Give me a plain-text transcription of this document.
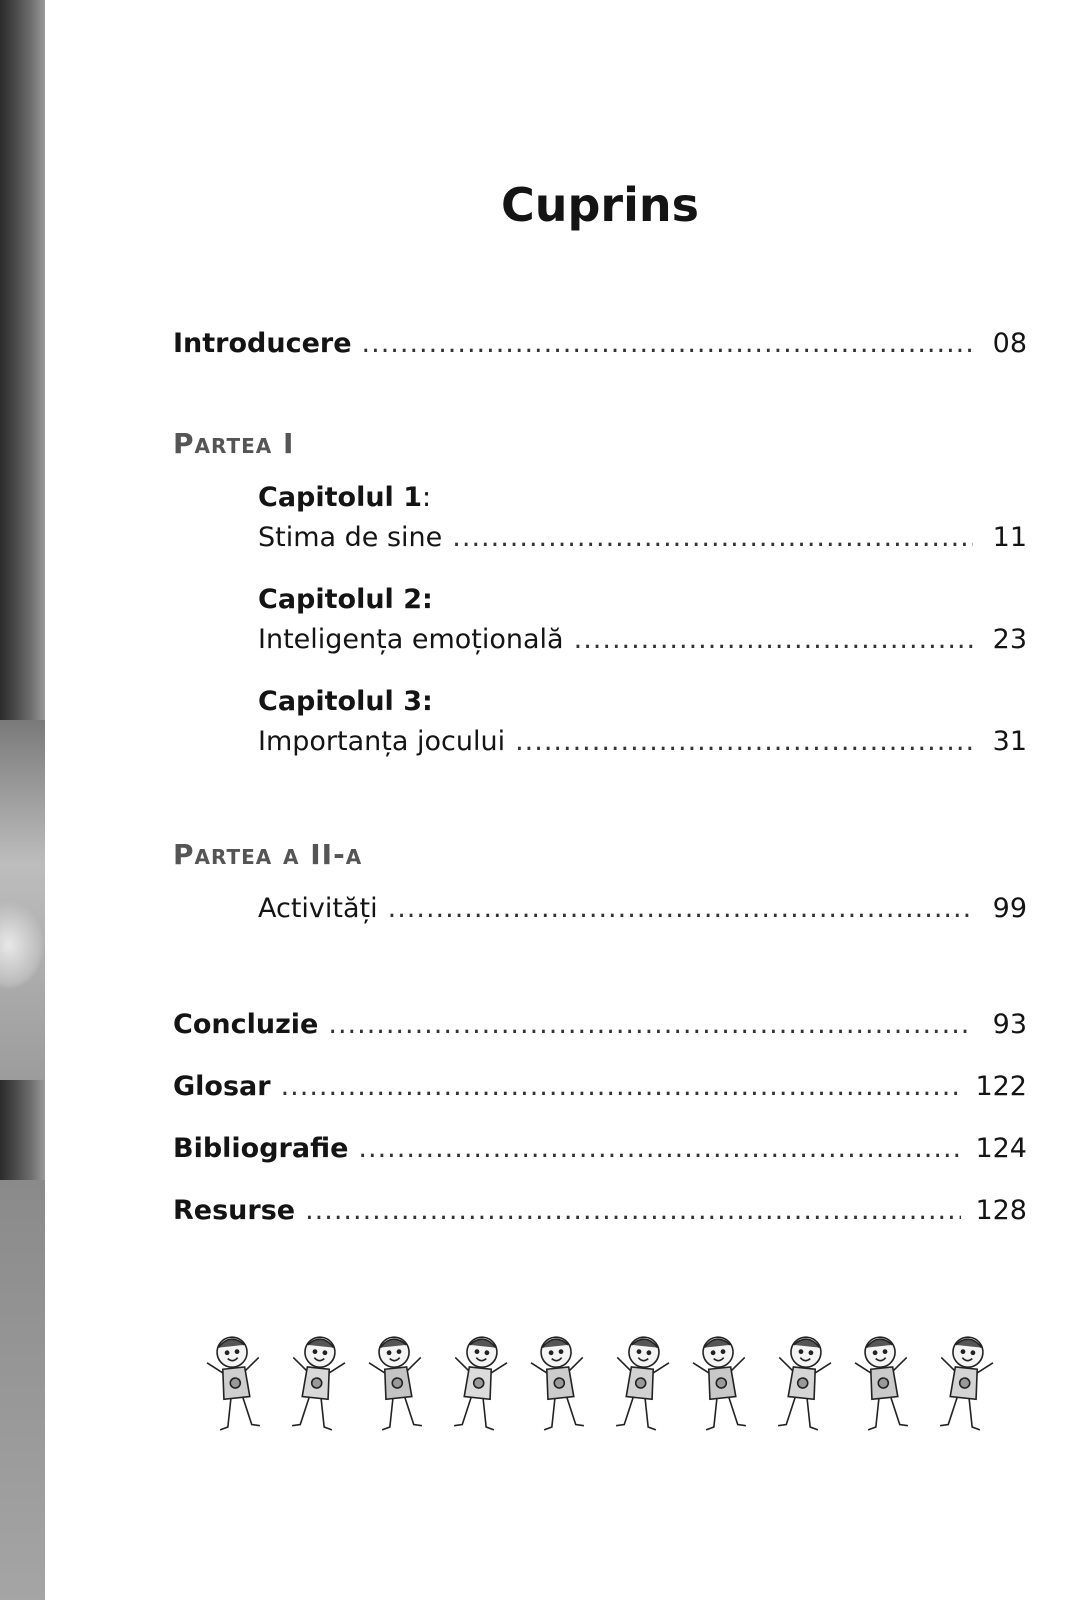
Cuprins
Introducere .....	08
Partea I
Capitolul 1:
Stima de sine .....	11
Capitolul 2:
Inteligența emoțională .....	23
Capitolul 3:
Importanța jocului .....	31
Partea a II-a
Activități .....	99
Concluzie .....	93
Glosar .....	122
Bibliografie .....	124
Resurse .....	128
